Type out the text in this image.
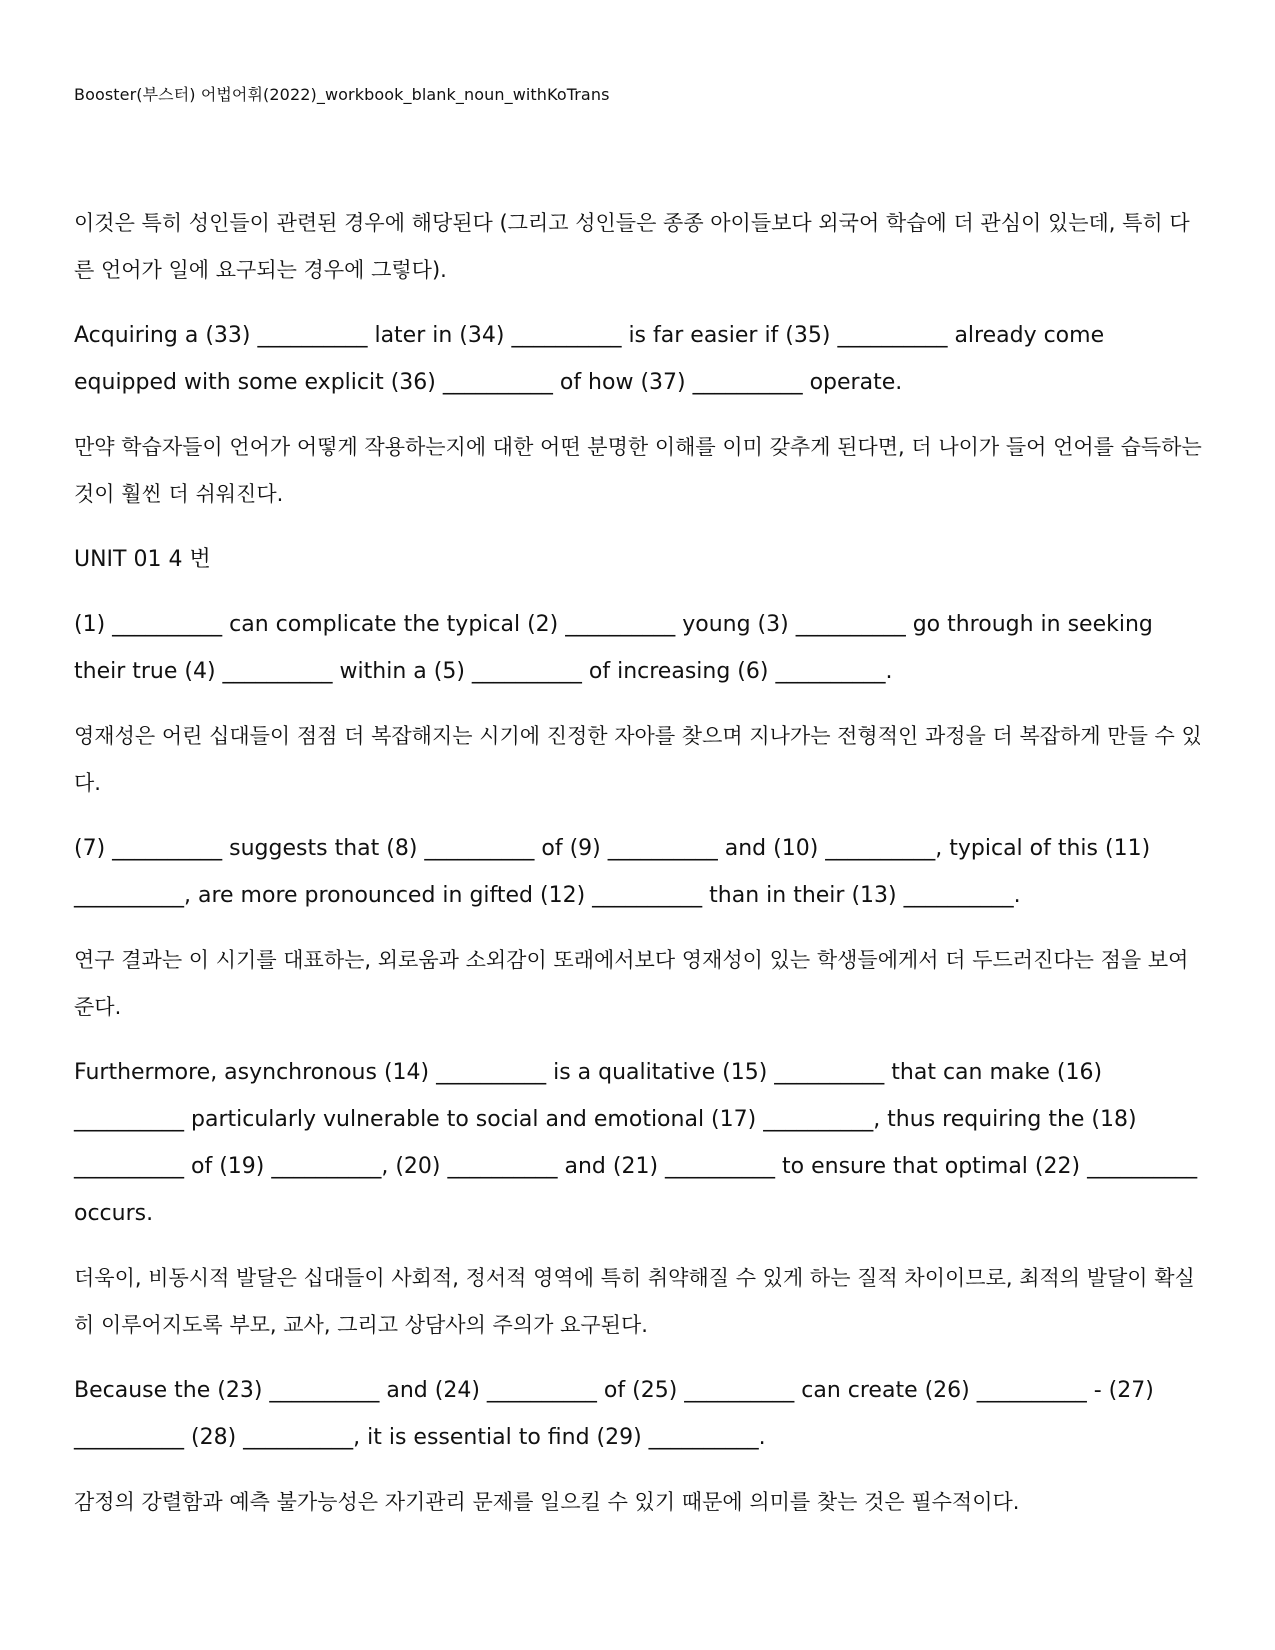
Booster(부스터) 어법어휘(2022)_workbook_blank_noun_withKoTrans

이것은 특히 성인들이 관련된 경우에 해당된다 (그리고 성인들은 종종 아이들보다 외국어 학습에 더 관심이 있는데, 특히 다른 언어가 일에 요구되는 경우에 그렇다).

Acquiring a (33) __________ later in (34) __________ is far easier if (35) __________ already come equipped with some explicit (36) __________ of how (37) __________ operate.

만약 학습자들이 언어가 어떻게 작용하는지에 대한 어떤 분명한 이해를 이미 갖추게 된다면, 더 나이가 들어 언어를 습득하는 것이 훨씬 더 쉬워진다.

UNIT 01 4 번

(1) __________ can complicate the typical (2) __________ young (3) __________ go through in seeking their true (4) __________ within a (5) __________ of increasing (6) __________.

영재성은 어린 십대들이 점점 더 복잡해지는 시기에 진정한 자아를 찾으며 지나가는 전형적인 과정을 더 복잡하게 만들 수 있다.

(7) __________ suggests that (8) __________ of (9) __________ and (10) __________, typical of this (11) __________, are more pronounced in gifted (12) __________ than in their (13) __________.

연구 결과는 이 시기를 대표하는, 외로움과 소외감이 또래에서보다 영재성이 있는 학생들에게서 더 두드러진다는 점을 보여준다.

Furthermore, asynchronous (14) __________ is a qualitative (15) __________ that can make (16) __________ particularly vulnerable to social and emotional (17) __________, thus requiring the (18) __________ of (19) __________, (20) __________ and (21) __________ to ensure that optimal (22) __________ occurs.

더욱이, 비동시적 발달은 십대들이 사회적, 정서적 영역에 특히 취약해질 수 있게 하는 질적 차이이므로, 최적의 발달이 확실히 이루어지도록 부모, 교사, 그리고 상담사의 주의가 요구된다.

Because the (23) __________ and (24) __________ of (25) __________ can create (26) __________ - (27) __________ (28) __________, it is essential to find (29) __________.

감정의 강렬함과 예측 불가능성은 자기관리 문제를 일으킬 수 있기 때문에 의미를 찾는 것은 필수적이다.
